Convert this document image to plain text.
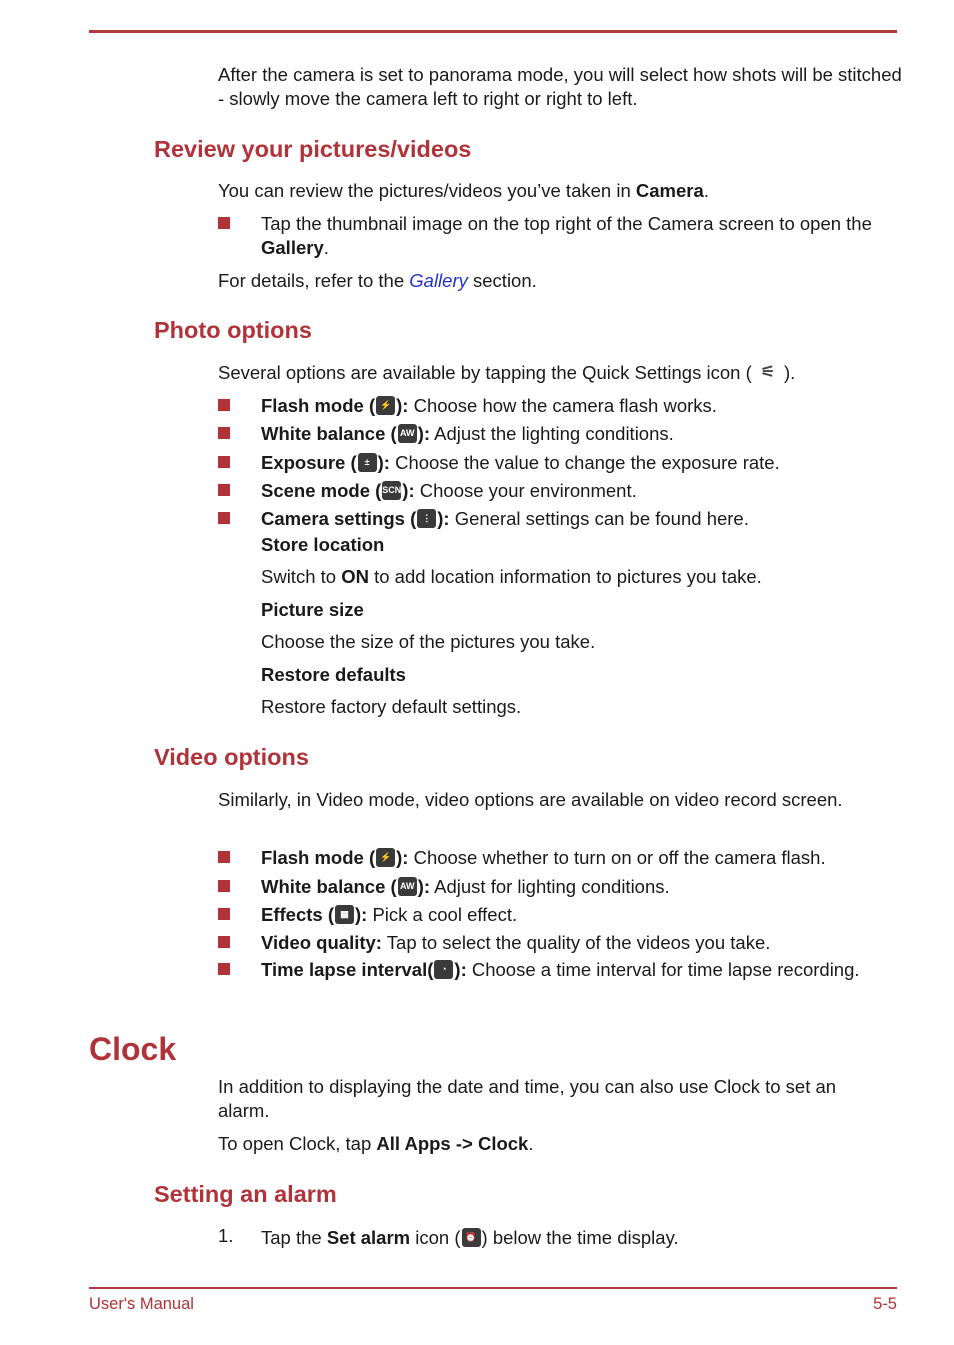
After the camera is set to panorama mode, you will select how shots will be stitched - slowly move the camera left to right or right to left.
Review your pictures/videos
You can review the pictures/videos you’ve taken in Camera.
Tap the thumbnail image on the top right of the Camera screen to open the Gallery.
For details, refer to the Gallery section.
Photo options
Several options are available by tapping the Quick Settings icon ( ⚟ ).
Flash mode ( ⚡ ): Choose how the camera flash works.
White balance ( AW ): Adjust the lighting conditions.
Exposure ( ± ): Choose the value to change the exposure rate.
Scene mode (SCN): Choose your environment.
Camera settings ( ⋮ ): General settings can be found here.
Store location
Switch to ON to add location information to pictures you take.
Picture size
Choose the size of the pictures you take.
Restore defaults
Restore factory default settings.
Video options
Similarly, in Video mode, video options are available on video record screen.
Flash mode ( ⚡ ): Choose whether to turn on or off the camera flash.
White balance ( AW ): Adjust for lighting conditions.
Effects ( ▦ ): Pick a cool effect.
Video quality: Tap to select the quality of the videos you take.
Time lapse interval( ◔ ): Choose a time interval for time lapse recording.
Clock
In addition to displaying the date and time, you can also use Clock to set an alarm.
To open Clock, tap All Apps -> Clock.
Setting an alarm
1. Tap the Set alarm icon ( ⏰ ) below the time display.
User's Manual	5-5
